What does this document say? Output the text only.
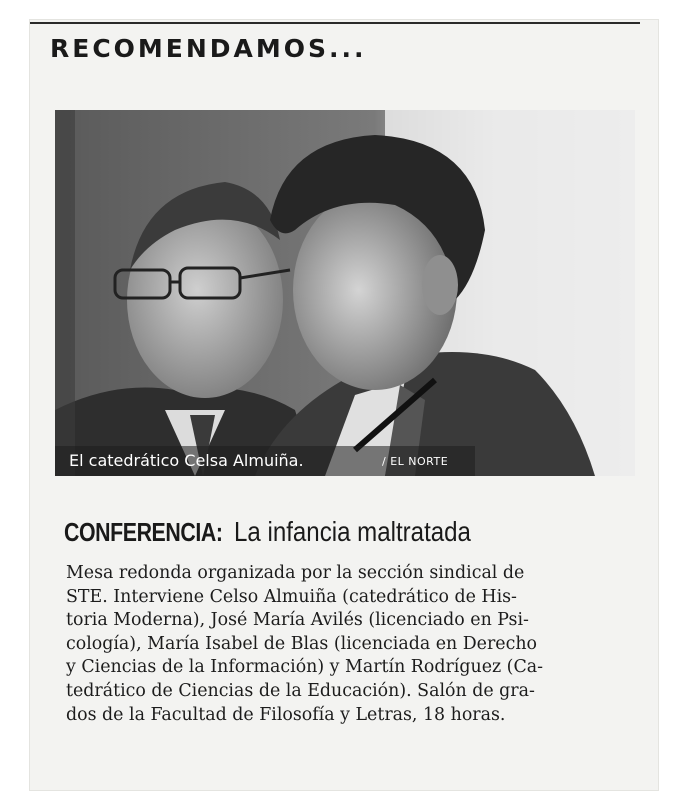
RECOMENDAMOS...
El catedrático Celsa Almuiña.	/ EL NORTE
CONFERENCIA: La infancia maltratada

Mesa redonda organizada por la sección sindical de
STE. Interviene Celso Almuiña (catedrático de His-
toria Moderna), José María Avilés (licenciado en Psi-
cología), María Isabel de Blas (licenciada en Derecho
y Ciencias de la Información) y Martín Rodríguez (Ca-
tedrático de Ciencias de la Educación). Salón de gra-
dos de la Facultad de Filosofía y Letras, 18 horas.
